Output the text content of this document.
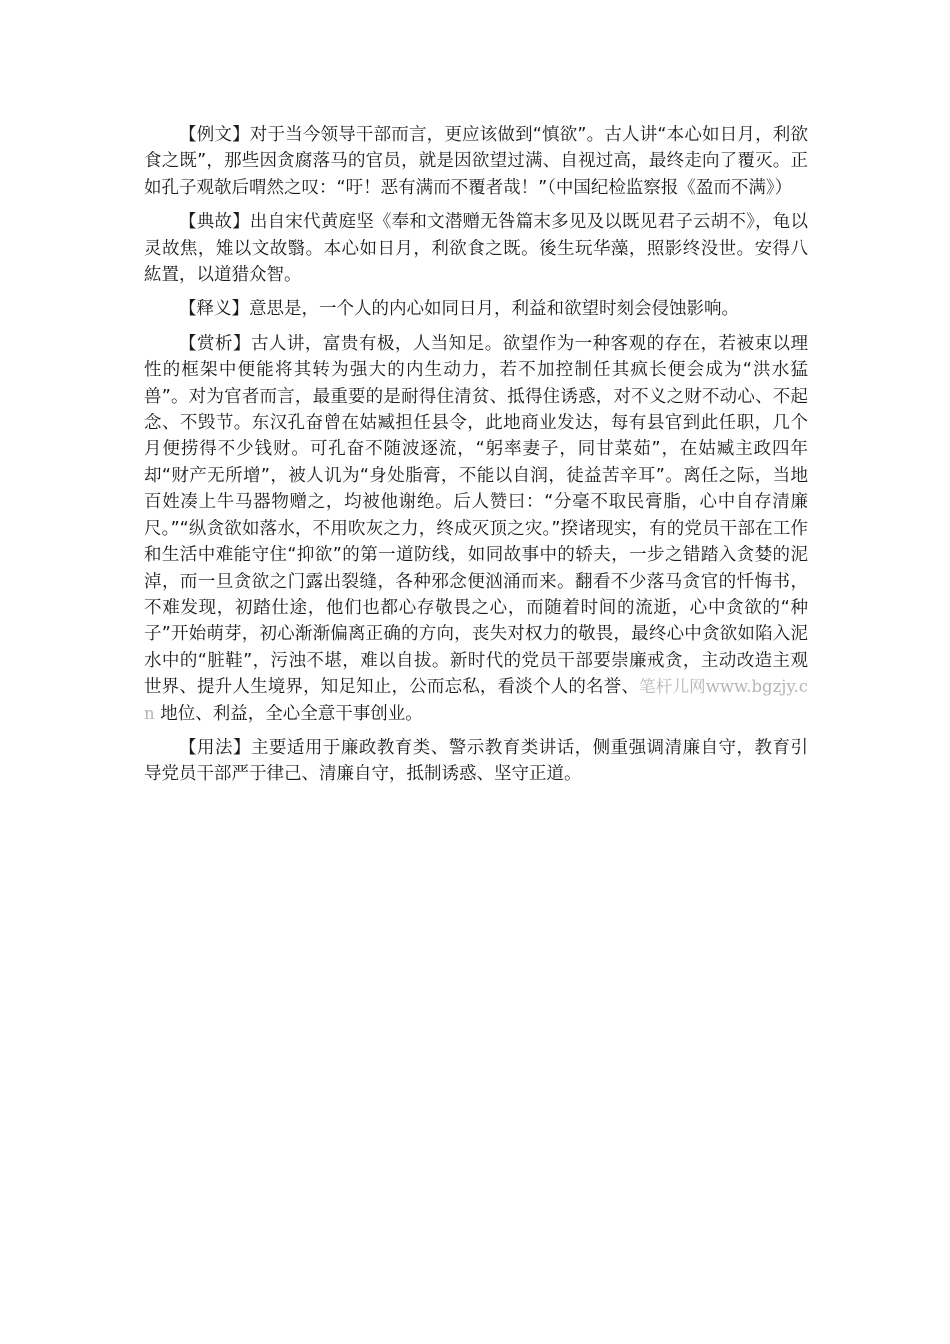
【例文】对于当今领导干部而言，更应该做到“慎欲”。古人讲“本心如日月，利欲食之既”，那些因贪腐落马的官员，就是因欲望过满、自视过高，最终走向了覆灭。正如孔子观欹后喟然之叹：“吁！恶有满而不覆者哉！”（中国纪检监察报《盈而不满》）

【典故】出自宋代黄庭坚《奉和文潜赠无咎篇末多见及以既见君子云胡不》，龟以灵故焦，雉以文故翳。本心如日月，利欲食之既。後生玩华藻，照影终没世。安得八紘置，以道猎众智。

【释义】意思是，一个人的内心如同日月，利益和欲望时刻会侵蚀影响。

【赏析】古人讲，富贵有极，人当知足。欲望作为一种客观的存在，若被束以理性的框架中便能将其转为强大的内生动力，若不加控制任其疯长便会成为“洪水猛兽”。对为官者而言，最重要的是耐得住清贫、抵得住诱惑，对不义之财不动心、不起念、不毁节。东汉孔奋曾在姑臧担任县令，此地商业发达，每有县官到此任职，几个月便捞得不少钱财。可孔奋不随波逐流，“躬率妻子，同甘菜茹”，在姑臧主政四年却“财产无所增”，被人讥为“身处脂膏，不能以自润，徒益苦辛耳”。离任之际，当地百姓凑上牛马器物赠之，均被他谢绝。后人赞曰：“分毫不取民膏脂，心中自存清廉尺。”“纵贪欲如落水，不用吹灰之力，终成灭顶之灾。”揆诸现实，有的党员干部在工作和生活中难能守住“抑欲”的第一道防线，如同故事中的轿夫，一步之错踏入贪婪的泥淖，而一旦贪欲之门露出裂缝，各种邪念便汹涌而来。翻看不少落马贪官的忏悔书，不难发现，初踏仕途，他们也都心存敬畏之心，而随着时间的流逝，心中贪欲的“种子”开始萌芽，初心渐渐偏离正确的方向，丧失对权力的敬畏，最终心中贪欲如陷入泥水中的“脏鞋”，污浊不堪，难以自拔。新时代的党员干部要崇廉戒贪，主动改造主观世界、提升人生境界，知足知止，公而忘私，看淡个人的名誉、笔杆儿网www.bgzjy.cn 地位、利益，全心全意干事创业。

【用法】主要适用于廉政教育类、警示教育类讲话，侧重强调清廉自守，教育引导党员干部严于律己、清廉自守，抵制诱惑、坚守正道。
